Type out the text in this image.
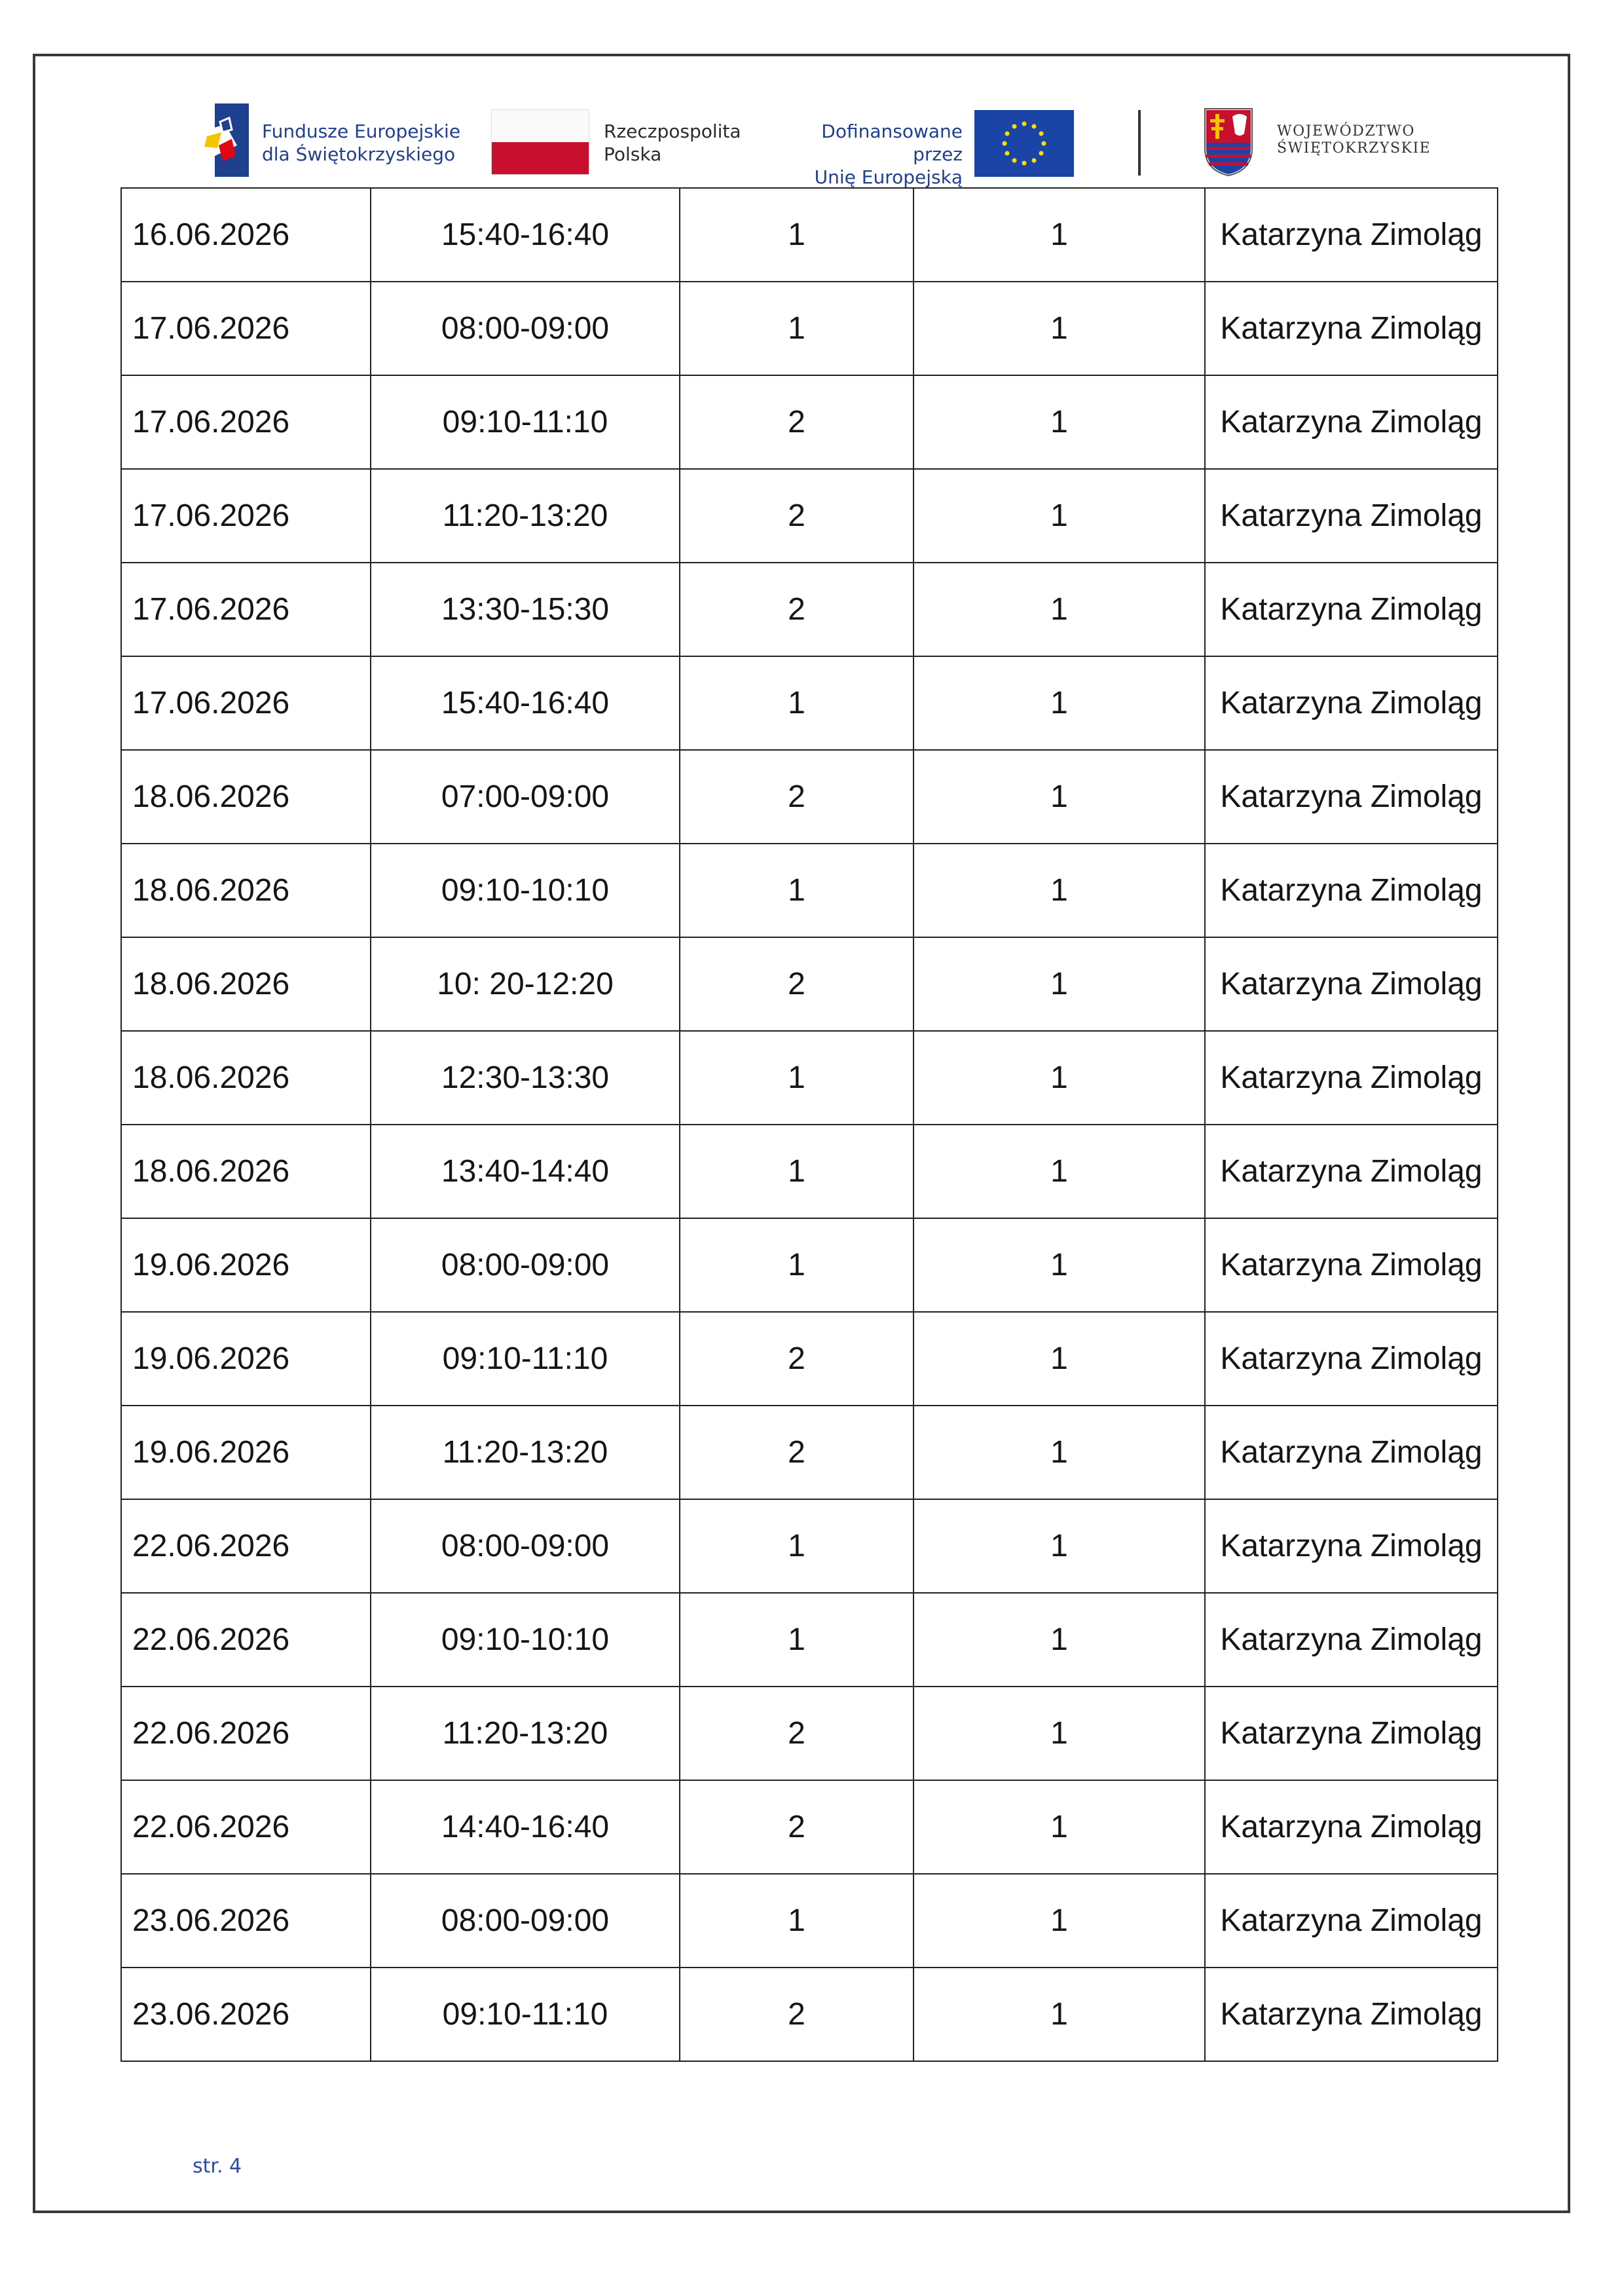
Fundusze Europejskie
dla Świętokrzyskiego
Rzeczpospolita
Polska
Dofinansowane przez
Unię Europejską
WOJEWÓDZTWO
ŚWIĘTOKRZYSKIE
16.06.2026	15:40-16:40	1	1	Katarzyna Zimoląg
17.06.2026	08:00-09:00	1	1	Katarzyna Zimoląg
17.06.2026	09:10-11:10	2	1	Katarzyna Zimoląg
17.06.2026	11:20-13:20	2	1	Katarzyna Zimoląg
17.06.2026	13:30-15:30	2	1	Katarzyna Zimoląg
17.06.2026	15:40-16:40	1	1	Katarzyna Zimoląg
18.06.2026	07:00-09:00	2	1	Katarzyna Zimoląg
18.06.2026	09:10-10:10	1	1	Katarzyna Zimoląg
18.06.2026	10: 20-12:20	2	1	Katarzyna Zimoląg
18.06.2026	12:30-13:30	1	1	Katarzyna Zimoląg
18.06.2026	13:40-14:40	1	1	Katarzyna Zimoląg
19.06.2026	08:00-09:00	1	1	Katarzyna Zimoląg
19.06.2026	09:10-11:10	2	1	Katarzyna Zimoląg
19.06.2026	11:20-13:20	2	1	Katarzyna Zimoląg
22.06.2026	08:00-09:00	1	1	Katarzyna Zimoląg
22.06.2026	09:10-10:10	1	1	Katarzyna Zimoląg
22.06.2026	11:20-13:20	2	1	Katarzyna Zimoląg
22.06.2026	14:40-16:40	2	1	Katarzyna Zimoląg
23.06.2026	08:00-09:00	1	1	Katarzyna Zimoląg
23.06.2026	09:10-11:10	2	1	Katarzyna Zimoląg
str. 4
